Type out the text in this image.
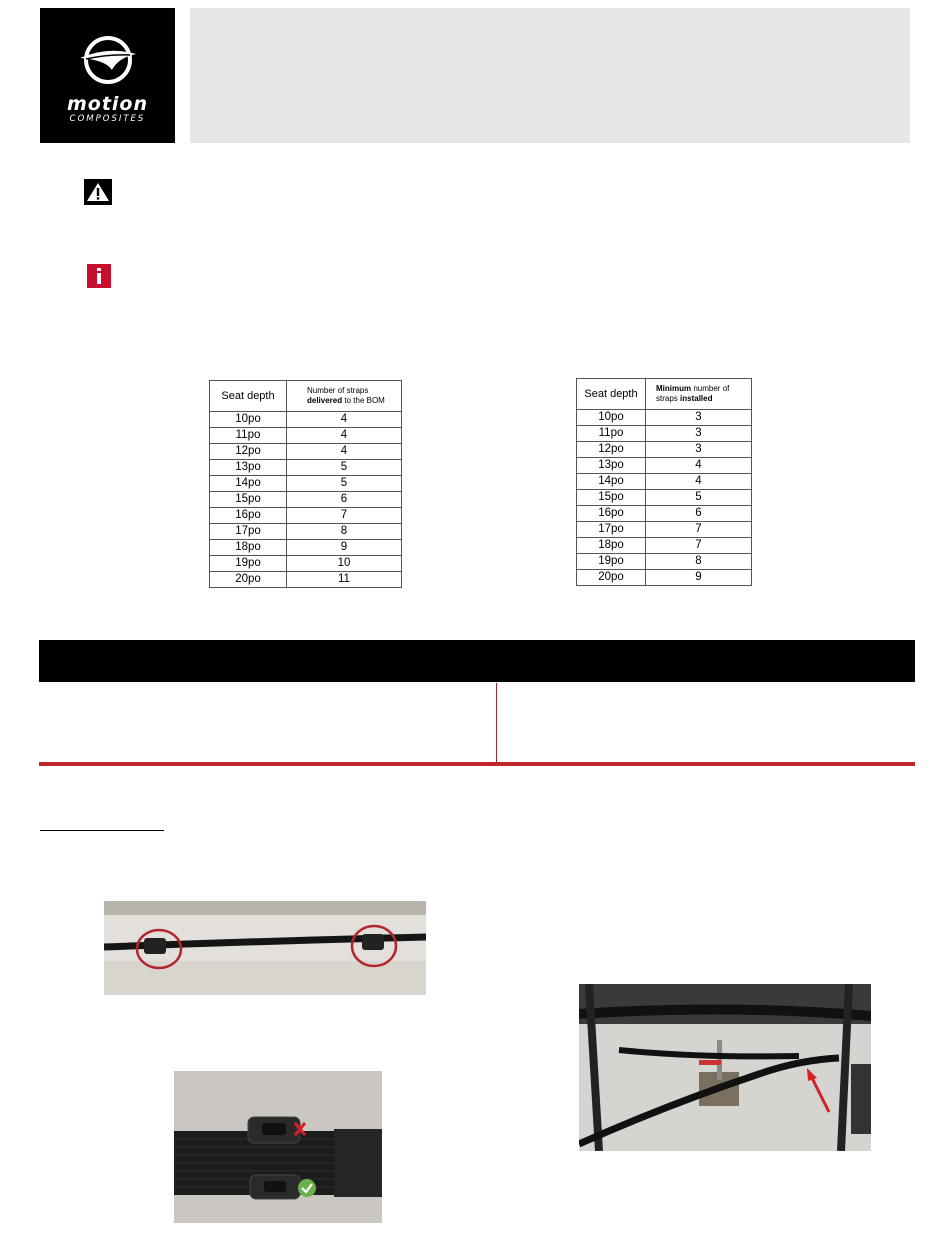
motion
COMPOSITES
Seat depth	Number of straps
delivered to the BOM
10po	4
11po	4
12po	4
13po	5
14po	5
15po	6
16po	7
17po	8
18po	9
19po	10
20po	11
Seat depth	Minimum number of straps installed
10po	3
11po	3
12po	3
13po	4
14po	4
15po	5
16po	6
17po	7
18po	7
19po	8
20po	9
